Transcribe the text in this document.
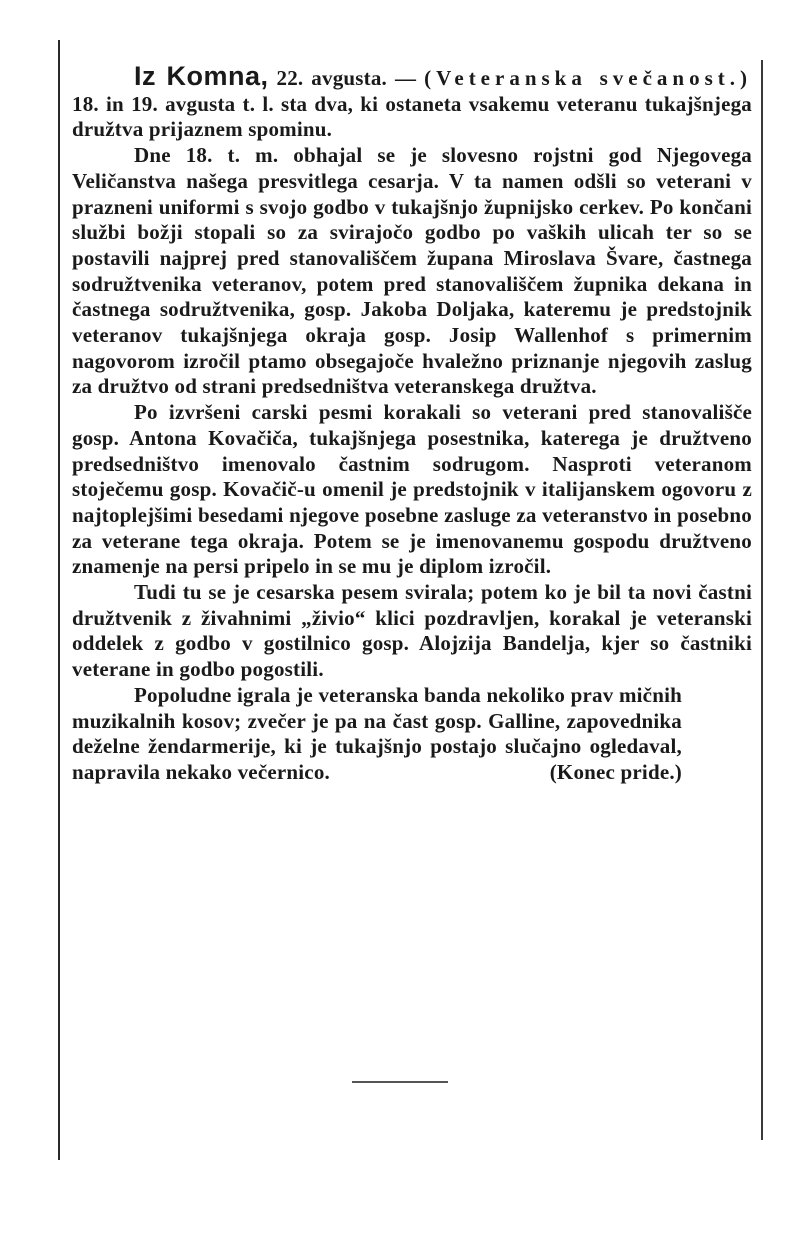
Iz Komna, 22. avgusta. — (Veteranska svečanost.) 18. in 19. avgusta t. l. sta dva, ki ostaneta vsakemu veteranu tukajšnjega družtva prijaznem spominu.

Dne 18. t. m. obhajal se je slovesno rojstni god Njegovega Veličanstva našega presvitlega cesarja. V ta namen odšli so veterani v prazneni uniformi s svojo godbo v tukajšnjo župnijsko cerkev. Po končani službi božji stopali so za svirajočo godbo po vaških ulicah ter so se postavili najprej pred stanovališčem župana Miroslava Švare, častnega sodružtvenika veteranov, potem pred stanovališčem župnika dekana in častnega sodružtvenika, gosp. Jakoba Doljaka, kateremu je predstojnik veteranov tukajšnjega okraja gosp. Josip Wallenhof s primernim nagovorom izročil ptamo obsegajoče hvaležno priznanje njegovih zaslug za družtvo od strani predsedništva veteranskega družtva.

Po izvršeni carski pesmi korakali so veterani pred stanovališče gosp. Antona Kovačiča, tukajšnjega posestnika, katerega je družtveno predsedništvo imenovalo častnim sodrugom. Nasproti veteranom stoječemu gosp. Kovačič-u omenil je predstojnik v italijanskem ogovoru z najtoplejšimi besedami njegove posebne zasluge za veteranstvo in posebno za veterane tega okraja. Potem se je imenovanemu gospodu družtveno znamenje na persi pripelo in se mu je diplom izročil.

Tudi tu se je cesarska pesem svirala; potem ko je bil ta novi častni družtvenik z živahnimi „živio“ klici pozdravljen, korakal je veteranski oddelek z godbo v gostilnico gosp. Alojzija Bandelja, kjer so častniki veterane in godbo pogostili.

Popoludne igrala je veteranska banda nekoliko prav mičnih muzikalnih kosov; zvečer je pa na čast gosp. Galline, zapovednika deželne žendarmerije, ki je tukajšnjo postajo slučajno ogledaval, napravila nekako večernico.	(Konec pride.)
